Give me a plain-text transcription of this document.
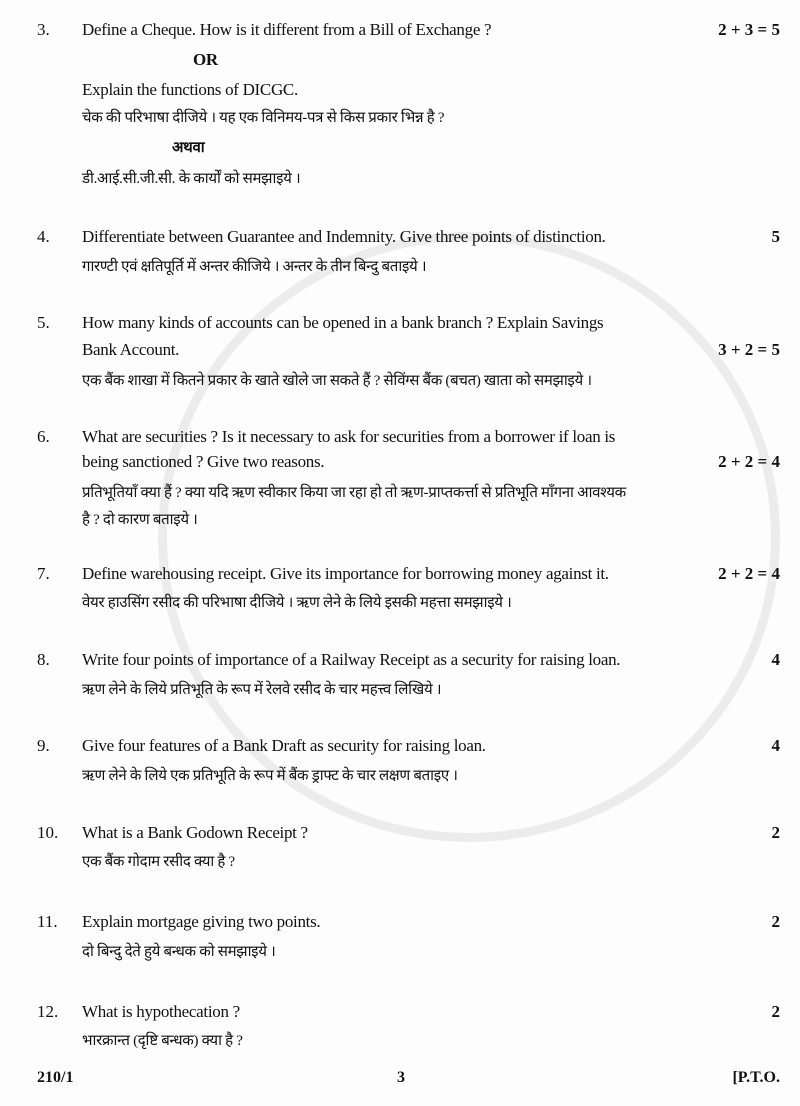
3. Define a Cheque. How is it different from a Bill of Exchange ?	2 + 3 = 5
OR
Explain the functions of DICGC.
चेक की परिभाषा दीजिये । यह एक विनिमय-पत्र से किस प्रकार भिन्न है ?
अथवा
डी.आई.सी.जी.सी. के कार्यों को समझाइये ।
4. Differentiate between Guarantee and Indemnity. Give three points of distinction.	5
गारण्टी एवं क्षतिपूर्ति में अन्तर कीजिये । अन्तर के तीन बिन्दु बताइये ।
5. How many kinds of accounts can be opened in a bank branch ? Explain Savings
Bank Account.	3 + 2 = 5
एक बैंक शाखा में कितने प्रकार के खाते खोले जा सकते हैं ? सेविंग्स बैंक (बचत) खाता को समझाइये ।
6. What are securities ? Is it necessary to ask for securities from a borrower if loan is
being sanctioned ? Give two reasons.	2 + 2 = 4
प्रतिभूतियाँ क्या हैं ? क्या यदि ऋण स्वीकार किया जा रहा हो तो ऋण-प्राप्तकर्त्ता से प्रतिभूति माँगना आवश्यक
है ? दो कारण बताइये ।
7. Define warehousing receipt. Give its importance for borrowing money against it.	2 + 2 = 4
वेयर हाउसिंग रसीद की परिभाषा दीजिये । ऋण लेने के लिये इसकी महत्ता समझाइये ।
8. Write four points of importance of a Railway Receipt as a security for raising loan.	4
ऋण लेने के लिये प्रतिभूति के रूप में रेलवे रसीद के चार महत्त्व लिखिये ।
9. Give four features of a Bank Draft as security for raising loan.	4
ऋण लेने के लिये एक प्रतिभूति के रूप में बैंक ड्राफ्ट के चार लक्षण बताइए ।
10. What is a Bank Godown Receipt ?	2
एक बैंक गोदाम रसीद क्या है ?
11. Explain mortgage giving two points.	2
दो बिन्दु देते हुये बन्धक को समझाइये ।
12. What is hypothecation ?	2
भारक्रान्त (दृष्टि बन्धक) क्या है ?
210/1	3	[P.T.O.
